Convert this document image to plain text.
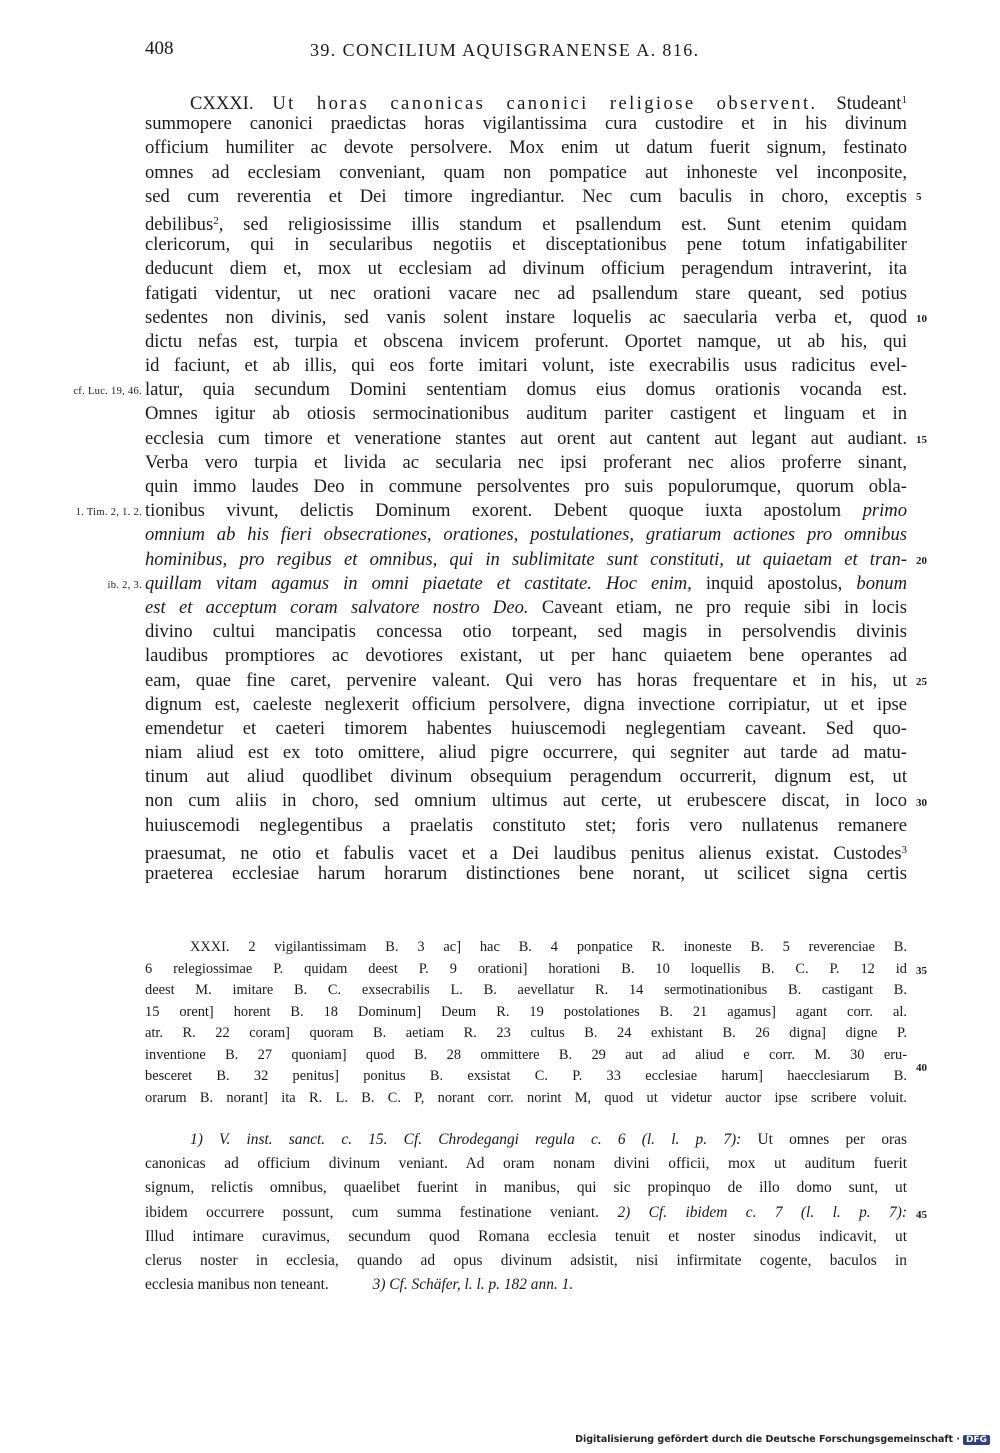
408	39. CONCILIUM AQUISGRANENSE A. 816.
cf. Luc. 19, 46.
1. Tim. 2, 1. 2.
ib. 2, 3.
5
10
15
20
25
30
35
40
45
CXXXI. Ut horas canonicas canonici religiose observent. Studeant$^1$
summopere canonici praedictas horas vigilantissima cura custodire et in his divinum
officium humiliter ac devote persolvere. Mox enim ut datum fuerit signum, festinato
omnes ad ecclesiam conveniant, quam non pompatice aut inhoneste vel inconposite,
sed cum reverentia et Dei timore ingrediantur. Nec cum baculis in choro, exceptis
debilibus$^2$, sed religiosissime illis standum et psallendum est. Sunt etenim quidam
clericorum, qui in secularibus negotiis et disceptationibus pene totum infatigabiliter
deducunt diem et, mox ut ecclesiam ad divinum officium peragendum intraverint, ita
fatigati videntur, ut nec orationi vacare nec ad psallendum stare queant, sed potius
sedentes non divinis, sed vanis solent instare loquelis ac saecularia verba et, quod
dictu nefas est, turpia et obscena invicem proferunt. Oportet namque, ut ab his, qui
id faciunt, et ab illis, qui eos forte imitari volunt, iste execrabilis usus radicitus evel-
latur, quia secundum Domini sententiam domus eius domus orationis vocanda est.
Omnes igitur ab otiosis sermocinationibus auditum pariter castigent et linguam et in
ecclesia cum timore et veneratione stantes aut orent aut cantent aut legant aut audiant.
Verba vero turpia et livida ac secularia nec ipsi proferant nec alios proferre sinant,
quin immo laudes Deo in commune persolventes pro suis populorumque, quorum obla-
tionibus vivunt, delictis Dominum exorent. Debent quoque iuxta apostolum primo
omnium ab his fieri obsecrationes, orationes, postulationes, gratiarum actiones pro omnibus
hominibus, pro regibus et omnibus, qui in sublimitate sunt constituti, ut quiaetam et tran-
quillam vitam agamus in omni piaetate et castitate. Hoc enim, inquid apostolus, bonum
est et acceptum coram salvatore nostro Deo. Caveant etiam, ne pro requie sibi in locis
divino cultui mancipatis concessa otio torpeant, sed magis in persolvendis divinis
laudibus promptiores ac devotiores existant, ut per hanc quiaetem bene operantes ad
eam, quae fine caret, pervenire valeant. Qui vero has horas frequentare et in his, ut
dignum est, caeleste neglexerit officium persolvere, digna invectione corripiatur, ut et ipse
emendetur et caeteri timorem habentes huiuscemodi neglegentiam caveant. Sed quo-
niam aliud est ex toto omittere, aliud pigre occurrere, qui segniter aut tarde ad matu-
tinum aut aliud quodlibet divinum obsequium peragendum occurrerit, dignum est, ut
non cum aliis in choro, sed omnium ultimus aut certe, ut erubescere discat, in loco
huiuscemodi neglegentibus a praelatis constituto stet; foris vero nullatenus remanere
praesumat, ne otio et fabulis vacet et a Dei laudibus penitus alienus existat. Custodes$^3$
praeterea ecclesiae harum horarum distinctiones bene norant, ut scilicet signa certis
XXXI. 2 vigilantissimam B. 3 ac] hac B. 4 ponpatice R. inoneste B. 5 reverenciae B.
6 relegiossimae P. quidam deest P. 9 orationi] horationi B. 10 loquellis B. C. P. 12 id
deest M. imitare B. C. exsecrabilis L. B. aevellatur R. 14 sermotinationibus B. castigant B.
15 orent] horent B. 18 Dominum] Deum R. 19 postolationes B. 21 agamus] agant corr. al.
atr. R. 22 coram] quoram B. aetiam R. 23 cultus B. 24 exhistant B. 26 digna] digne P.
inventione B. 27 quoniam] quod B. 28 ommittere B. 29 aut ad aliud e corr. M. 30 eru-
besceret B. 32 penitus] ponitus B. exsistat C. P. 33 ecclesiae harum] haecclesiarum B.
orarum B. norant] ita R. L. B. C. P, norant corr. norint M, quod ut videtur auctor ipse scribere voluit.
1) V. inst. sanct. c. 15. Cf. Chrodegangi regula c. 6 (l. l. p. 7): Ut omnes per oras
canonicas ad officium divinum veniant. Ad oram nonam divini officii, mox ut auditum fuerit
signum, relictis omnibus, quaelibet fuerint in manibus, qui sic propinquo de illo domo sunt, ut
ibidem occurrere possunt, cum summa festinatione veniant. 2) Cf. ibidem c. 7 (l. l. p. 7):
Illud intimare curavimus, secundum quod Romana ecclesia tenuit et noster sinodus indicavit, ut
clerus noster in ecclesia, quando ad opus divinum adsistit, nisi infirmitate cogente, baculos in
ecclesia manibus non teneant.	3) Cf. Schäfer, l. l. p. 182 ann. 1.
Digitalisierung gefördert durch die Deutsche Forschungsgemeinschaft · DFG
